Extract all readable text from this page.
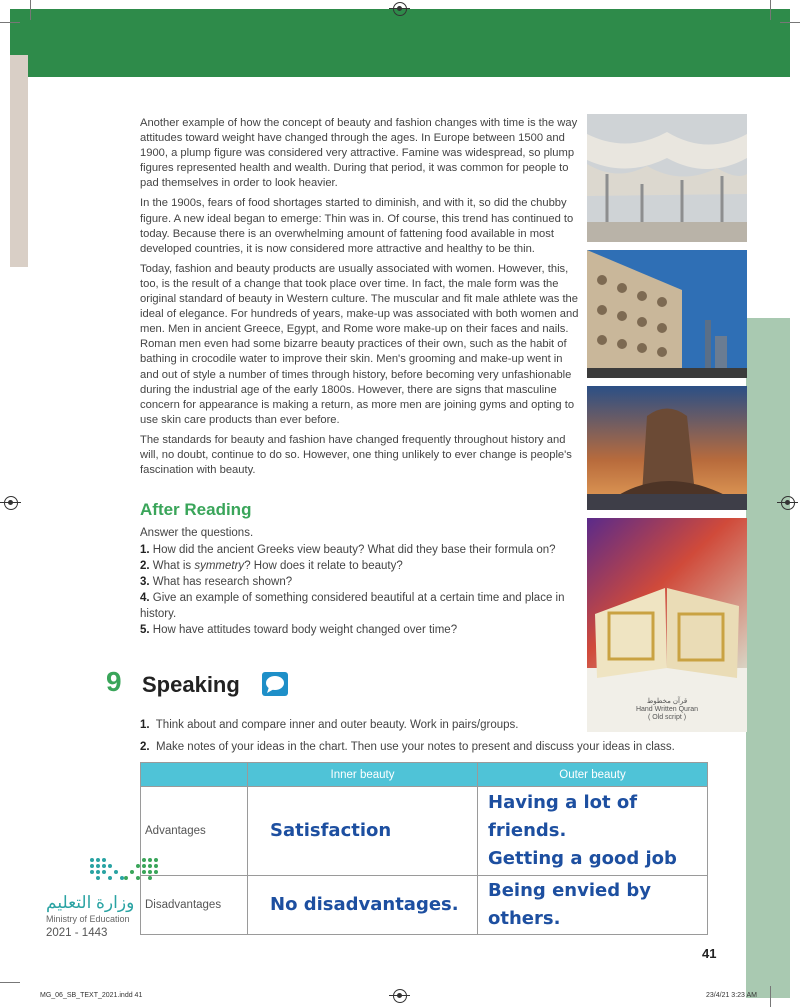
Another example of how the concept of beauty and fashion changes with time is the way attitudes toward weight have changed through the ages. In Europe between 1500 and 1900, a plump figure was considered very attractive. Famine was widespread, so plump figures represented health and wealth. During that period, it was common for people to pad themselves in order to look heavier.

In the 1900s, fears of food shortages started to diminish, and with it, so did the chubby figure. A new ideal began to emerge: Thin was in. Of course, this trend has continued to today. Because there is an overwhelming amount of fattening food available in most developed countries, it is now considered more attractive and healthy to be thin.

Today, fashion and beauty products are usually associated with women. However, this, too, is the result of a change that took place over time. In fact, the male form was the original standard of beauty in Western culture. The muscular and fit male athlete was the ideal of elegance. For hundreds of years, make-up was associated with both women and men. Men in ancient Greece, Egypt, and Rome wore make-up on their faces and nails. Roman men even had some bizarre beauty practices of their own, such as the habit of bathing in crocodile water to improve their skin. Men's grooming and make-up went in and out of style a number of times through history, before becoming very unfashionable during the industrial age of the early 1800s. However, there are signs that masculine concern for appearance is making a return, as more men are joining gyms and opting to use skin care products than ever before.

The standards for beauty and fashion have changed frequently throughout history and will, no doubt, continue to do so. However, one thing unlikely to ever change is people's fascination with beauty.

قرآن مخطوط
Hand Written Quran
( Old script )
After Reading
Answer the questions.
1. How did the ancient Greeks view beauty? What did they base their formula on?
2. What is symmetry? How does it relate to beauty?
3. What has research shown?
4. Give an example of something considered beautiful at a certain time and place in history.
5. How have attitudes toward body weight changed over time?
9 Speaking
1. Think about and compare inner and outer beauty. Work in pairs/groups.
2. Make notes of your ideas in the chart. Then use your notes to present and discuss your ideas in class.
	Inner beauty	Outer beauty
Advantages	Satisfaction	Having a lot of friends.
Getting a good job

Disadvantages	No disadvantages.	Being envied by
others.
وزارة التعليم
Ministry of Education
2021 - 1443
41
MG_06_SB_TEXT_2021.indd 41	23/4/21 3:23 AM
